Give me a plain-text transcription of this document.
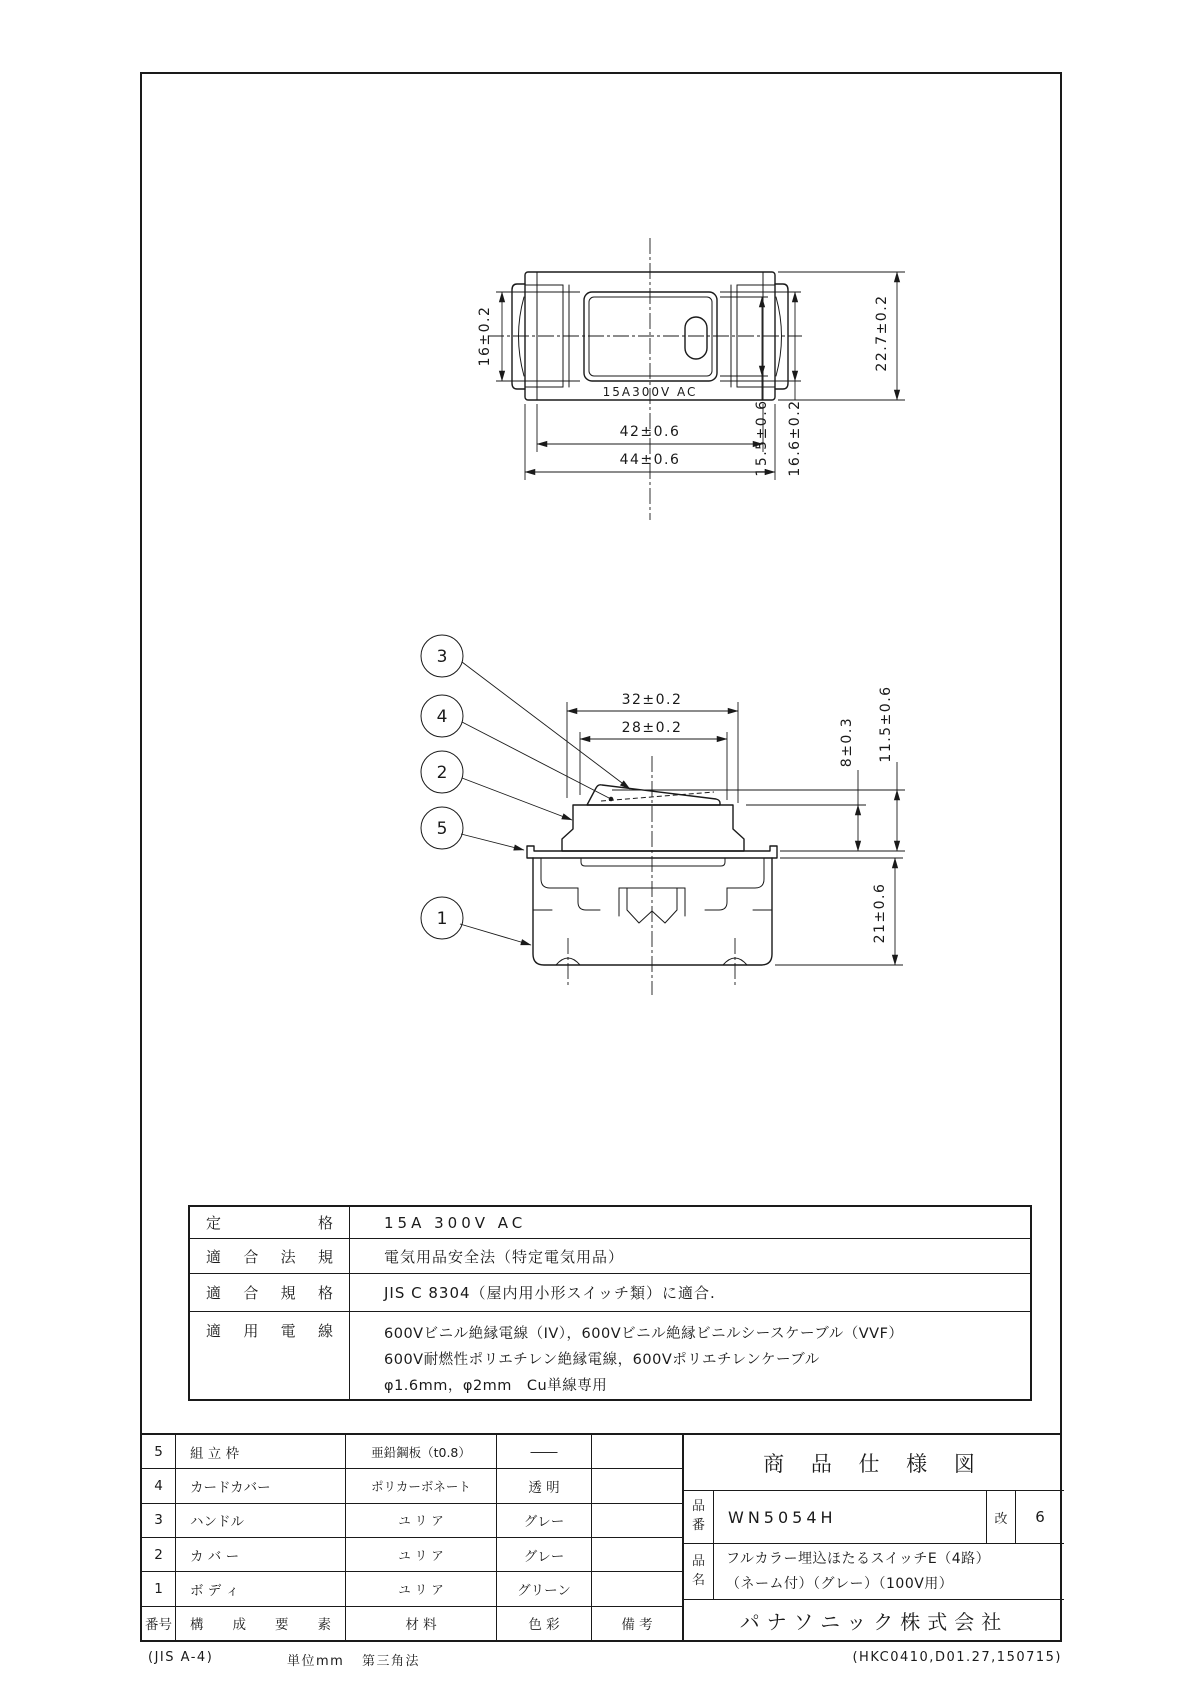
15A300V AC
16±0.2	22.7±0.2
15.5±0.6 16.6±0.2
42±0.6
44±0.6
3
4
2
5
1
32±0.2
28±0.2	8±0.3 11.5±0.6
21±0.6
定 格	15A 300V AC
適 合 法 規	電気用品安全法（特定電気用品）
適 合 規 格	JIS C 8304（屋内用小形スイッチ類）に適合.
適 用 電 線	600Vビニル絶縁電線（IV），600Vビニル絶縁ビニルシースケーブル（VVF）
600V耐燃性ポリエチレン絶縁電線，600Vポリエチレンケーブル
φ1.6mm，φ2mm　Cu単線専用
5	組 立 枠	亜鉛鋼板（t0.8）	――
4	カードカバー	ポリカーボネート	透 明
3	ハンドル	ユ リ ア	グレー
2	カ バ ー	ユ リ ア	グレー
1	ボ デ ィ	ユ リ ア	グリーン
番号 構 成 要 素	材 料	色 彩	備 考
商 品 仕 様 図
品番	WN5054H	改	6
品名
フルカラー埋込ほたるスイッチE（4路）
（ネーム付）（グレー）（100V用）
パナソニック株式会社
(JIS A-4)	単位mm 第三角法	(HKC0410,D01.27,150715)
